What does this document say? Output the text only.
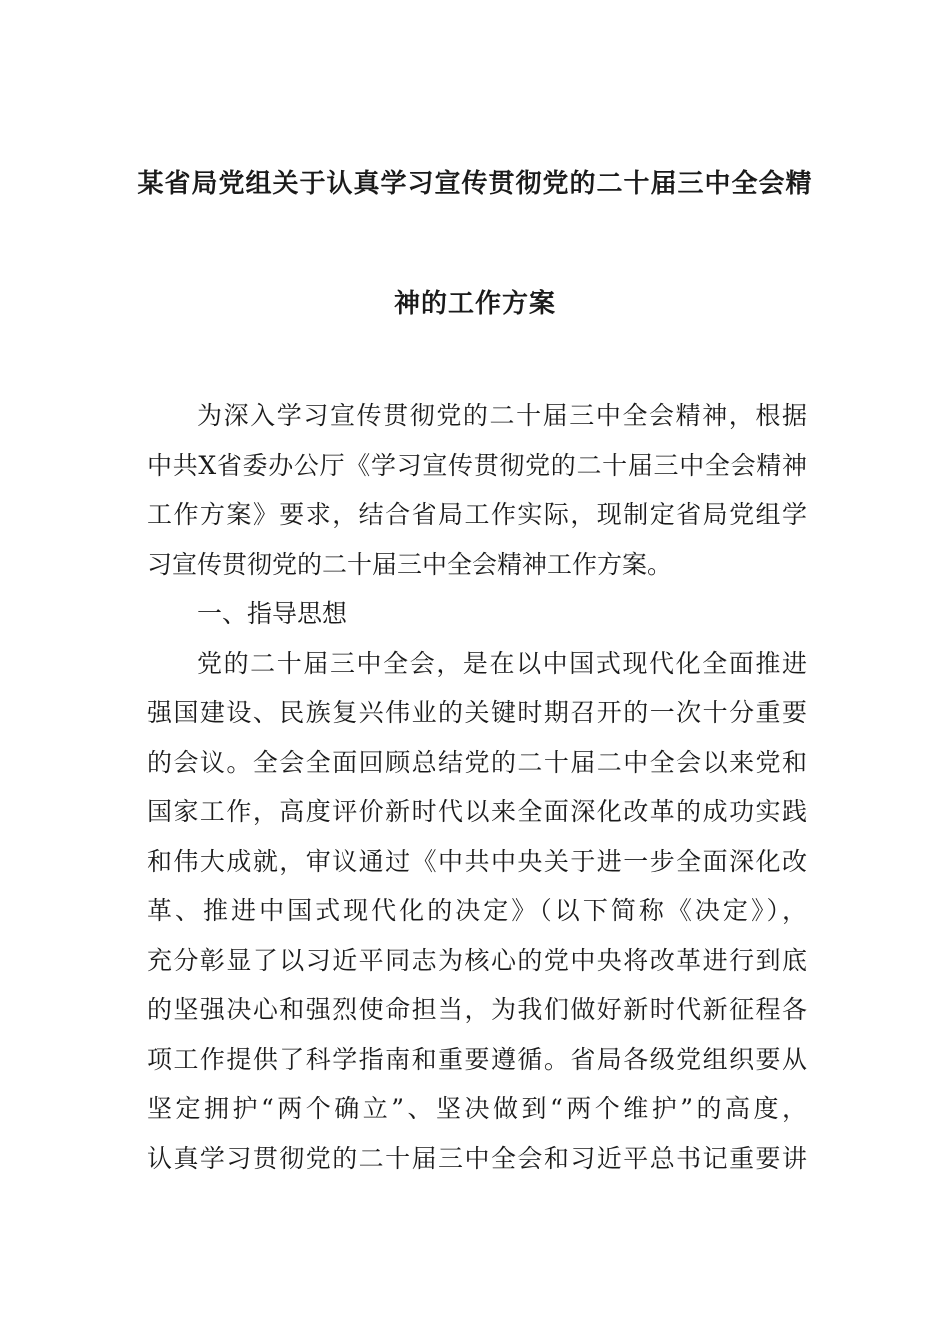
某省局党组关于认真学习宣传贯彻党的二十届三中全会精
神的工作方案
为深入学习宣传贯彻党的二十届三中全会精神，根据
中共X省委办公厅《学习宣传贯彻党的二十届三中全会精神
工作方案》要求，结合省局工作实际，现制定省局党组学
习宣传贯彻党的二十届三中全会精神工作方案。
一、指导思想
党的二十届三中全会，是在以中国式现代化全面推进
强国建设、民族复兴伟业的关键时期召开的一次十分重要
的会议。全会全面回顾总结党的二十届二中全会以来党和
国家工作，高度评价新时代以来全面深化改革的成功实践
和伟大成就，审议通过《中共中央关于进一步全面深化改
革、推进中国式现代化的决定》（以下简称《决定》），
充分彰显了以习近平同志为核心的党中央将改革进行到底
的坚强决心和强烈使命担当，为我们做好新时代新征程各
项工作提供了科学指南和重要遵循。省局各级党组织要从
坚定拥护“两个确立”、坚决做到“两个维护”的高度，
认真学习贯彻党的二十届三中全会和习近平总书记重要讲
